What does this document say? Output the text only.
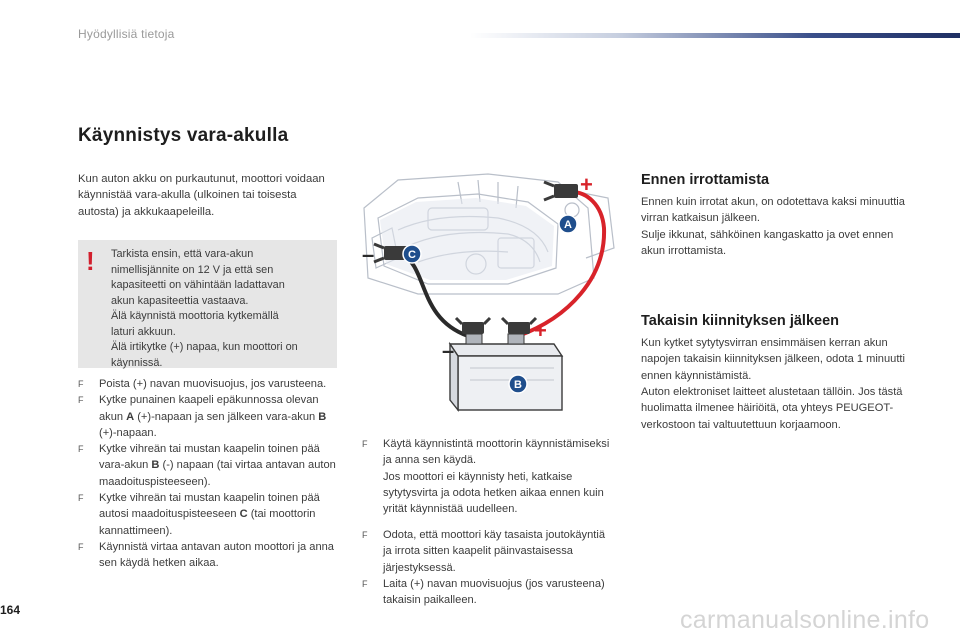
Hyödyllisiä tietoja
Käynnistys vara-akulla

Kun auton akku on purkautunut, moottori voidaan käynnistää vara-akulla (ulkoinen tai toisesta autosta) ja akkukaapeleilla.

! Tarkista ensin, että vara-akun
nimellisjännite on 12 V ja että sen
kapasiteetti on vähintään ladattavan
akun kapasiteettia vastaava.
Älä käynnistä moottoria kytkemällä
laturi akkuun.
Älä irtikytke (+) napaa, kun moottori on
käynnissä.
F Poista (+) navan muovisuojus, jos varusteena.
F Kytke punainen kaapeli epäkunnossa olevan akun A (+)-napaan ja sen jälkeen vara-akun B (+)-napaan.
F Kytke vihreän tai mustan kaapelin toinen pää vara-akun B (-) napaan (tai virtaa antavan auton maadoituspisteeseen).
F Kytke vihreän tai mustan kaapelin toinen pää autosi maadoituspisteeseen C (tai moottorin kannattimeen).
F Käynnistä virtaa antavan auton moottori ja anna sen käydä hetken aikaa.
+
–
A
C
+
–
B
F Käytä käynnistintä moottorin käynnistämiseksi ja anna sen käydä.
Jos moottori ei käynnisty heti, katkaise sytytysvirta ja odota hetken aikaa ennen kuin yrität käynnistää uudelleen.
F Odota, että moottori käy tasaista joutokäyntiä ja irrota sitten kaapelit päinvastaisessa järjestyksessä.
F Laita (+) navan muovisuojus (jos varusteena) takaisin paikalleen.
Ennen irrottamista

Ennen kuin irrotat akun, on odotettava kaksi minuuttia virran katkaisun jälkeen.

Sulje ikkunat, sähköinen kangaskatto ja ovet ennen akun irrottamista.

Takaisin kiinnityksen jälkeen

Kun kytket sytytysvirran ensimmäisen kerran akun napojen takaisin kiinnityksen jälkeen, odota 1 minuutti ennen käynnistämistä.

Auton elektroniset laitteet alustetaan tällöin. Jos tästä huolimatta ilmenee häiriöitä, ota yhteys PEUGEOT-verkostoon tai valtuutettuun korjaamoon.

164	carmanualsonline.info
